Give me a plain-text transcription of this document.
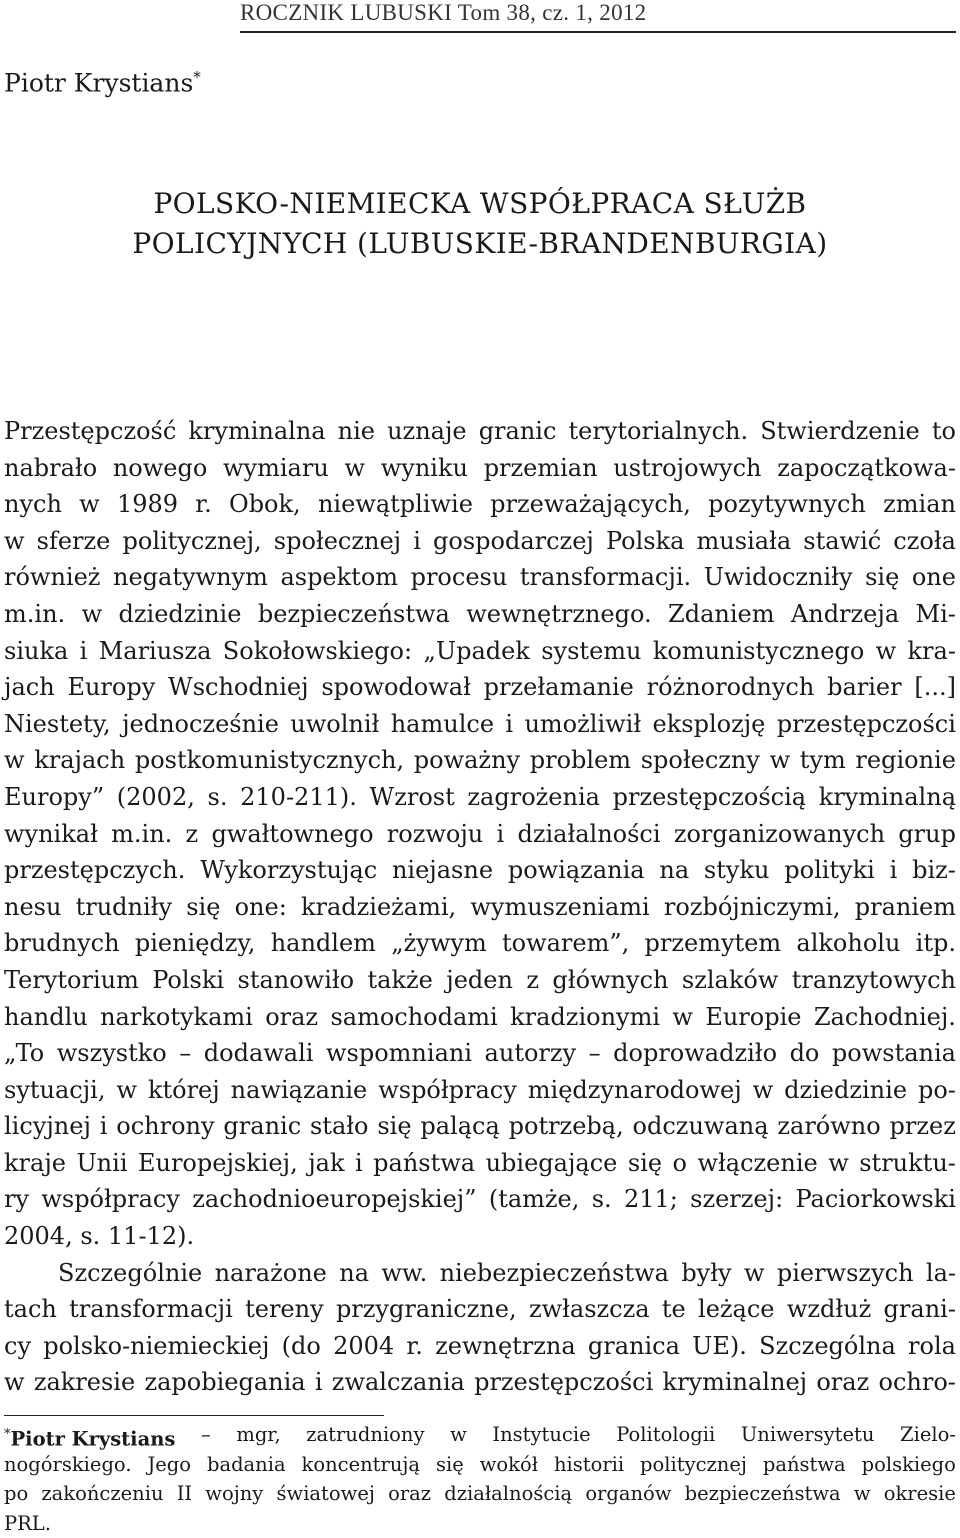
ROCZNIK LUBUSKI Tom 38, cz. 1, 2012
Piotr Krystians*
POLSKO-NIEMIECKA WSPÓŁPRACA SŁUŻB
POLICYJNYCH (LUBUSKIE-BRANDENBURGIA)
Przestępczość kryminalna nie uznaje granic terytorialnych. Stwierdzenie to
nabrało nowego wymiaru w wyniku przemian ustrojowych zapoczątkowa-
nych w 1989 r. Obok, niewątpliwie przeważających, pozytywnych zmian
w sferze politycznej, społecznej i gospodarczej Polska musiała stawić czoła
również negatywnym aspektom procesu transformacji. Uwidoczniły się one
m.in. w dziedzinie bezpieczeństwa wewnętrznego. Zdaniem Andrzeja Mi-
siuka i Mariusza Sokołowskiego: „Upadek systemu komunistycznego w kra-
jach Europy Wschodniej spowodował przełamanie różnorodnych barier [...]
Niestety, jednocześnie uwolnił hamulce i umożliwił eksplozję przestępczości
w krajach postkomunistycznych, poważny problem społeczny w tym regionie
Europy” (2002, s. 210-211). Wzrost zagrożenia przestępczością kryminalną
wynikał m.in. z gwałtownego rozwoju i działalności zorganizowanych grup
przestępczych. Wykorzystując niejasne powiązania na styku polityki i biz-
nesu trudniły się one: kradzieżami, wymuszeniami rozbójniczymi, praniem
brudnych pieniędzy, handlem „żywym towarem”, przemytem alkoholu itp.
Terytorium Polski stanowiło także jeden z głównych szlaków tranzytowych
handlu narkotykami oraz samochodami kradzionymi w Europie Zachodniej.
„To wszystko – dodawali wspomniani autorzy – doprowadziło do powstania
sytuacji, w której nawiązanie współpracy międzynarodowej w dziedzinie po-
licyjnej i ochrony granic stało się palącą potrzebą, odczuwaną zarówno przez
kraje Unii Europejskiej, jak i państwa ubiegające się o włączenie w struktu-
ry współpracy zachodnioeuropejskiej” (tamże, s. 211; szerzej: Paciorkowski
2004, s. 11-12).
Szczególnie narażone na ww. niebezpieczeństwa były w pierwszych la-
tach transformacji tereny przygraniczne, zwłaszcza te leżące wzdłuż grani-
cy polsko-niemieckiej (do 2004 r. zewnętrzna granica UE). Szczególna rola
w zakresie zapobiegania i zwalczania przestępczości kryminalnej oraz ochro-
*Piotr Krystians – mgr, zatrudniony w Instytucie Politologii Uniwersytetu Zielo-
nogórskiego. Jego badania koncentrują się wokół historii politycznej państwa polskiego
po zakończeniu II wojny światowej oraz działalnością organów bezpieczeństwa w okresie
PRL.
